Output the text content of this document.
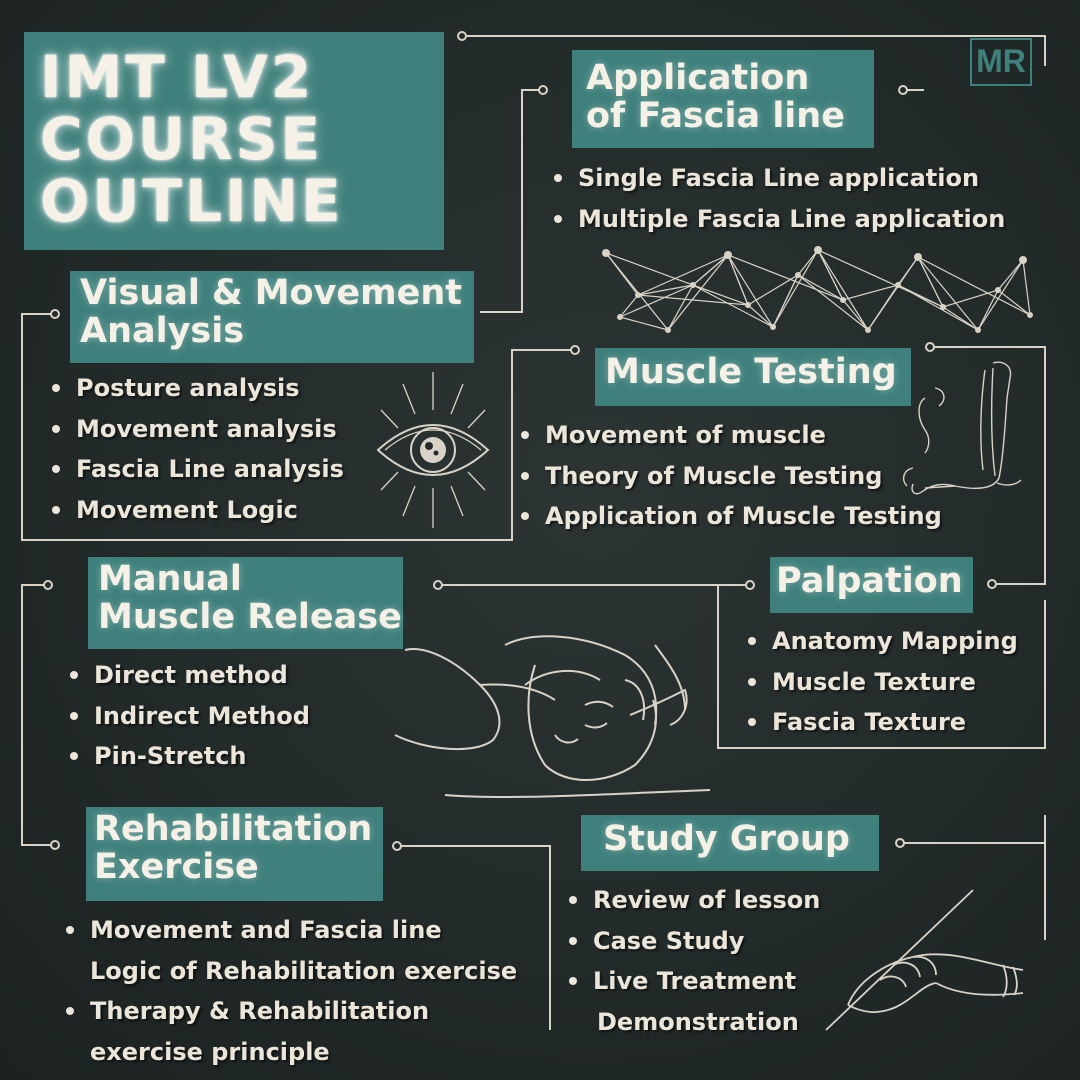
IMT LV2
COURSE
OUTLINE
MR
Application
of Fascia line
Single Fascia Line application
Multiple Fascia Line application
Visual & Movement
Analysis
Posture analysis
Movement analysis
Fascia Line analysis
Movement Logic
Muscle Testing
Movement of muscle
Theory of Muscle Testing
Application of Muscle Testing
Manual
Muscle Release
Direct method
Indirect Method
Pin-Stretch
Palpation
Anatomy Mapping
Muscle Texture
Fascia Texture
Rehabilitation
Exercise
Movement and Fascia line
Logic of Rehabilitation exercise
Therapy & Rehabilitation
exercise principle
Study Group
Review of lesson
Case Study
Live Treatment
Demonstration
